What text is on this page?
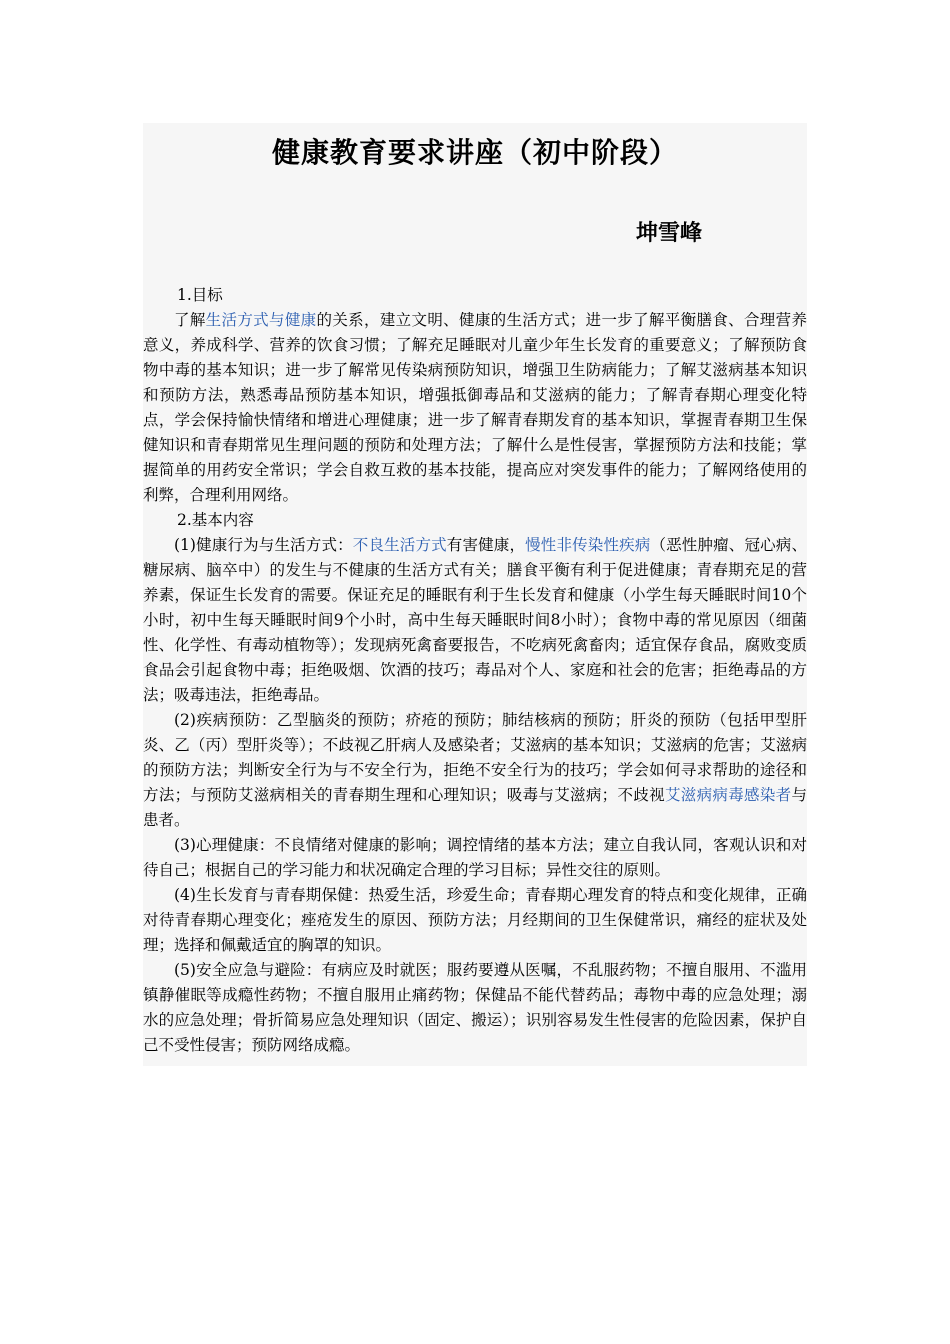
健康教育要求讲座（初中阶段）
坤雪峰

1.目标

了解生活方式与健康的关系，建立文明、健康的生活方式；进一步了解平衡膳食、合理营养意义，养成科学、营养的饮食习惯；了解充足睡眠对儿童少年生长发育的重要意义；了解预防食物中毒的基本知识；进一步了解常见传染病预防知识，增强卫生防病能力；了解艾滋病基本知识和预防方法，熟悉毒品预防基本知识，增强抵御毒品和艾滋病的能力；了解青春期心理变化特点，学会保持愉快情绪和增进心理健康；进一步了解青春期发育的基本知识，掌握青春期卫生保健知识和青春期常见生理问题的预防和处理方法；了解什么是性侵害，掌握预防方法和技能；掌握简单的用药安全常识；学会自救互救的基本技能，提高应对突发事件的能力；了解网络使用的利弊，合理利用网络。

2.基本内容

(1)健康行为与生活方式：不良生活方式有害健康，慢性非传染性疾病（恶性肿瘤、冠心病、糖尿病、脑卒中）的发生与不健康的生活方式有关；膳食平衡有利于促进健康；青春期充足的营养素，保证生长发育的需要。保证充足的睡眠有利于生长发育和健康（小学生每天睡眠时间10个小时，初中生每天睡眠时间9个小时，高中生每天睡眠时间8小时）；食物中毒的常见原因（细菌性、化学性、有毒动植物等）；发现病死禽畜要报告，不吃病死禽畜肉；适宜保存食品，腐败变质食品会引起食物中毒；拒绝吸烟、饮酒的技巧；毒品对个人、家庭和社会的危害；拒绝毒品的方法；吸毒违法，拒绝毒品。

(2)疾病预防：乙型脑炎的预防；疥疮的预防；肺结核病的预防；肝炎的预防（包括甲型肝炎、乙（丙）型肝炎等）；不歧视乙肝病人及感染者；艾滋病的基本知识；艾滋病的危害；艾滋病的预防方法；判断安全行为与不安全行为，拒绝不安全行为的技巧；学会如何寻求帮助的途径和方法；与预防艾滋病相关的青春期生理和心理知识；吸毒与艾滋病；不歧视艾滋病病毒感染者与患者。

(3)心理健康：不良情绪对健康的影响；调控情绪的基本方法；建立自我认同，客观认识和对待自己；根据自己的学习能力和状况确定合理的学习目标；异性交往的原则。

(4)生长发育与青春期保健：热爱生活，珍爱生命；青春期心理发育的特点和变化规律，正确对待青春期心理变化；痤疮发生的原因、预防方法；月经期间的卫生保健常识，痛经的症状及处理；选择和佩戴适宜的胸罩的知识。

(5)安全应急与避险：有病应及时就医；服药要遵从医嘱，不乱服药物；不擅自服用、不滥用镇静催眠等成瘾性药物；不擅自服用止痛药物；保健品不能代替药品；毒物中毒的应急处理；溺水的应急处理；骨折简易应急处理知识（固定、搬运）；识别容易发生性侵害的危险因素，保护自己不受性侵害；预防网络成瘾。
